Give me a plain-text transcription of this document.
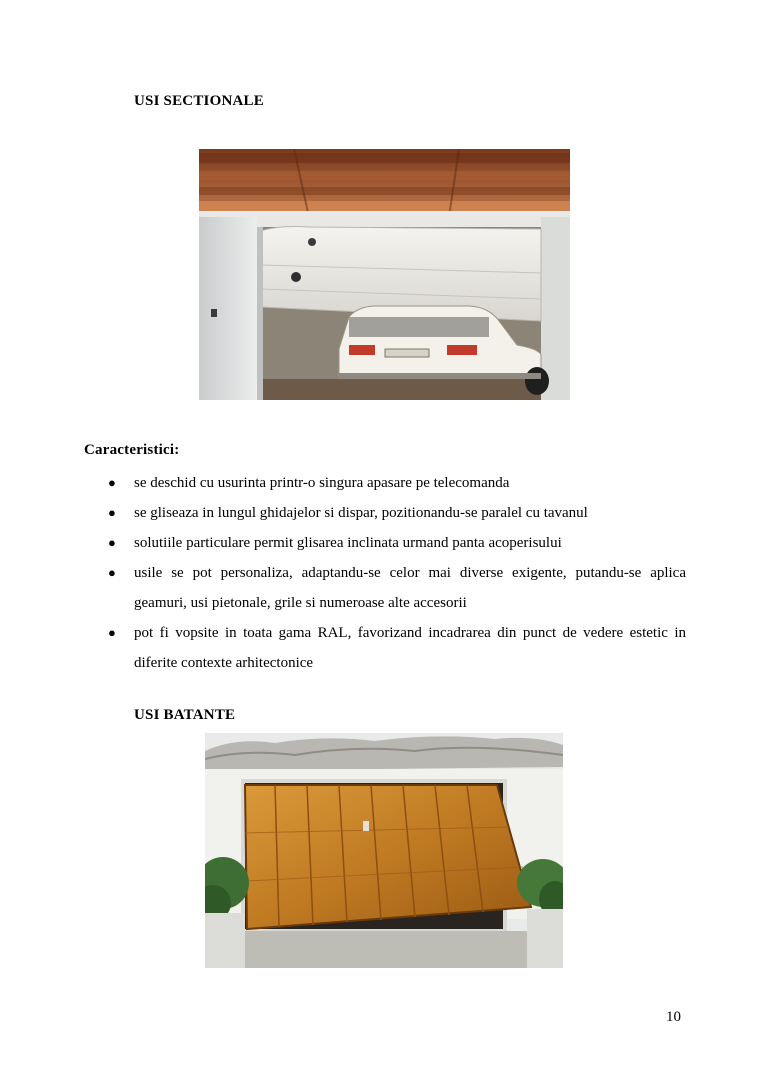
USI SECTIONALE
Caracteristici:
● se deschid cu usurinta printr-o singura apasare pe telecomanda
● se gliseaza in lungul ghidajelor si dispar, pozitionandu-se paralel cu tavanul
● solutiile particulare permit glisarea inclinata urmand panta acoperisului
● usile se pot personaliza, adaptandu-se celor mai diverse exigente, putandu-se aplica geamuri, usi pietonale, grile si numeroase alte accesorii
● pot fi vopsite in toata gama RAL, favorizand incadrarea din punct de vedere estetic in diferite contexte arhitectonice
USI BATANTE
10
